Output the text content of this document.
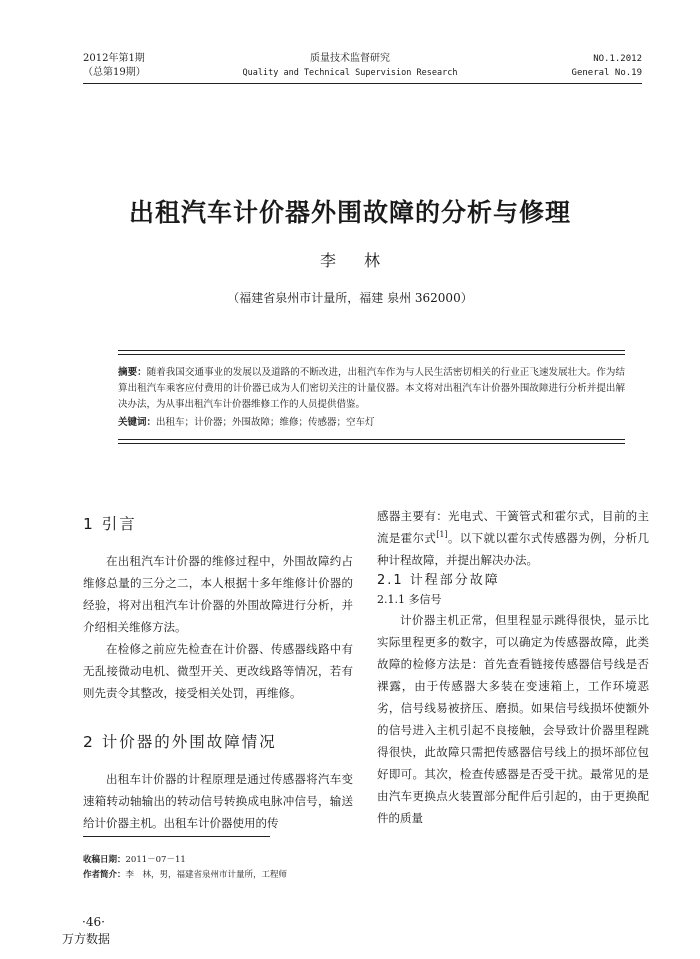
2012年第1期
（总第19期）
质量技术监督研究
Quality and Technical Supervision Research
NO.1.2012
General No.19
出租汽车计价器外围故障的分析与修理
李林
（福建省泉州市计量所，福建 泉州 362000）
摘要：随着我国交通事业的发展以及道路的不断改进，出租汽车作为与人民生活密切相关的行业正飞速发展壮大。作为结算出租汽车乘客应付费用的计价器已成为人们密切关注的计量仪器。本文将对出租汽车计价器外围故障进行分析并提出解决办法，为从事出租汽车计价器维修工作的人员提供借鉴。
关键词：出租车；计价器；外围故障；维修；传感器；空车灯
1 引言

在出租汽车计价器的维修过程中，外围故障约占维修总量的三分之二，本人根据十多年维修计价器的经验，将对出租汽车计价器的外围故障进行分析，并介绍相关维修方法。

在检修之前应先检查在计价器、传感器线路中有无乱接微动电机、微型开关、更改线路等情况，若有则先责令其整改，接受相关处罚，再维修。

2 计价器的外围故障情况

出租车计价器的计程原理是通过传感器将汽车变速箱转动轴输出的转动信号转换成电脉冲信号，输送给计价器主机。出租车计价器使用的传

感器主要有：光电式、干簧管式和霍尔式，目前的主流是霍尔式[1]。以下就以霍尔式传感器为例，分析几种计程故障，并提出解决办法。

2.1 计程部分故障
2.1.1 多信号

计价器主机正常，但里程显示跳得很快，显示比实际里程更多的数字，可以确定为传感器故障，此类故障的检修方法是：首先查看链接传感器信号线是否裸露，由于传感器大多装在变速箱上，工作环境恶劣，信号线易被挤压、磨损。如果信号线损坏使额外的信号进入主机引起不良接触，会导致计价器里程跳得很快，此故障只需把传感器信号线上的损坏部位包好即可。其次，检查传感器是否受干扰。最常见的是由汽车更换点火装置部分配件后引起的，由于更换配件的质量

收稿日期：2011－07－11
作者简介：李　林，男，福建省泉州市计量所，工程师
·46·
万方数据
